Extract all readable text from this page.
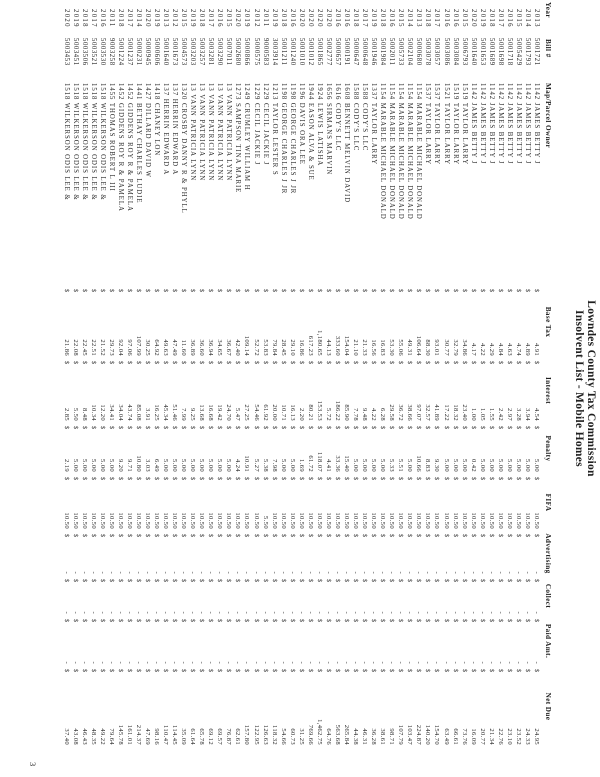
Lowndes County Tax Commission
Insolvent List - Mobile Homes
Year
Bill #
Map/Parcel Owner
Base Tax
Interest
Penalty
FIFA
Advertising
Collect
Paid Amt.
Net Due
2013
5001721
1142 JAMES BETTY J
$
4.91
$
4.54
$
5.00
$
10.50
$
-
$
-
$
-
$
24.95
2014
5001793
1142 JAMES BETTY J
$
4.89
$
3.94
$
5.00
$
10.50
$
-
$
-
$
-
$
24.33
2015
5005429
1142 JAMES BETTY J
$
4.74
$
3.28
$
5.00
$
10.50
$
-
$
-
$
-
$
23.52
2016
5001718
1142 JAMES BETTY J
$
4.63
$
2.97
$
5.00
$
10.50
$
-
$
-
$
-
$
23.10
2017
5001698
1142 JAMES BETTY J
$
4.84
$
2.42
$
5.00
$
10.50
$
-
$
-
$
-
$
22.76
2018
5001689
1142 JAMES BETTY J
$
4.29
$
1.55
$
5.00
$
10.50
$
-
$
-
$
-
$
21.34
2019
5001653
1142 JAMES BETTY J
$
4.22
$
1.05
$
5.00
$
10.50
$
-
$
-
$
-
$
20.77
2020
5001640
1142 JAMES BETTY J
$
4.17
$
1.00
$
0.42
$
10.50
$
-
$
-
$
-
$
16.09
2015
5006793
1519 TAYLOR LARRY
$
34.86
$
23.40
$
5.00
$
10.50
$
-
$
-
$
-
$
73.76
2016
5003084
1519 TAYLOR LARRY
$
32.79
$
18.32
$
5.00
$
10.50
$
-
$
-
$
-
$
66.61
2016
5003086
1521 TAYLOR LARRY
$
30.77
$
17.22
$
5.00
$
10.50
$
-
$
-
$
-
$
63.49
2017
5003057
1537 TAYLOR LARRY
$
93.01
$
41.89
$
9.30
$
10.50
$
-
$
-
$
-
$
154.70
2018
5003078
1537 TAYLOR LARRY
$
88.30
$
32.57
$
8.83
$
10.50
$
-
$
-
$
-
$
140.20
2013
5000680
1154 MARABLE MICHAEL DONALD
$
106.64
$
97.07
$
10.66
$
10.50
$
-
$
-
$
-
$
224.87
2014
5002104
1154 MARABLE MICHAEL DONALD
$
49.31
$
38.66
$
5.00
$
10.50
$
-
$
-
$
-
$
103.47
2015
5005733
1154 MARABLE MICHAEL DONALD
$
55.06
$
36.72
$
5.51
$
10.50
$
-
$
-
$
-
$
107.79
2016
5002011
1154 MARABLE MICHAEL DONALD
$
53.30
$
29.58
$
5.33
$
10.50
$
-
$
-
$
-
$
98.71
2018
5001984
1154 MARABLE MICHAEL DONALD
$
16.83
$
6.28
$
5.00
$
10.50
$
-
$
-
$
-
$
38.61
2019
5001946
1337 TAYLOR LARRY
$
16.56
$
4.22
$
5.00
$
10.50
$
-
$
-
$
-
$
36.28
2017
5000648
1588 CODY'S LLC
$
21.33
$
9.48
$
5.00
$
10.50
$
-
$
-
$
-
$
46.31
2018
5000647
1588 CODY'S LLC
$
21.10
$
7.78
$
5.00
$
10.50
$
-
$
-
$
-
$
44.38
2016
5000191
1608 BENNETT MELVIN DAVID
$
154.04
$
85.90
$
15.40
$
10.50
$
-
$
-
$
-
$
265.84
2016
5000657
1616 CODY'S LLC
$
333.60
$
186.22
$
33.36
$
10.50
$
-
$
-
$
-
$
563.68
2020
5002777
1656 SIRMANS MARVIN
$
44.13
$
5.72
$
4.41
$
10.50
$
-
$
-
$
-
$
64.76
2020
5001865
1924 LEWIS LATISHA
$
1,180.65
$
153.53
$
118.07
$
10.50
$
-
$
-
$
-
$
1,462.75
2020
5001012
1944 EASON ALVA & SUE
$
617.23
$
80.21
$
61.72
$
10.50
$
-
$
-
$
-
$
769.66
2020
5001010
1196 DAVIS ORA LEE
$
16.86
$
2.20
$
1.69
$
10.50
$
-
$
-
$
-
$
31.25
2016
5001240
1198 GEORGE CHARLES J JR
$
29.10
$
16.13
$
5.00
$
10.50
$
-
$
-
$
-
$
60.73
2018
5001211
1198 GEORGE CHARLES J JR
$
28.45
$
10.71
$
5.00
$
10.50
$
-
$
-
$
-
$
54.66
2019
3003914
1213 TAYLOR LESTER S
$
79.84
$
20.00
$
7.98
$
10.50
$
-
$
-
$
-
$
118.32
2011
9000583
1229 CECIL JACKIE J
$
53.83
$
61.92
$
5.38
$
5.50
$
-
$
-
$
-
$
126.63
2012
5000575
1229 CECIL JACKIE J
$
52.72
$
54.46
$
5.27
$
10.50
$
-
$
-
$
-
$
122.95
2019
5000866
1249 CRUMLEY WILLIAM H
$
109.14
$
27.25
$
10.91
$
10.50
$
-
$
-
$
-
$
157.80
2020
5002680
1273 SAMPSON TINA MARIE
$
42.40
$
5.47
$
4.24
$
10.50
$
-
$
-
$
-
$
62.61
2015
5007011
13 VANN PATRICIA LYNN
$
36.67
$
24.70
$
5.00
$
10.50
$
-
$
-
$
-
$
76.87
2016
5003290
13 VANN PATRICIA LYNN
$
34.65
$
19.42
$
5.00
$
10.50
$
-
$
-
$
-
$
69.57
2017
5003281
13 VANN PATRICIA LYNN
$
36.94
$
16.68
$
5.00
$
10.50
$
-
$
-
$
-
$
69.12
2018
5003257
13 VANN PATRICIA LYNN
$
36.60
$
13.68
$
5.00
$
10.50
$
-
$
-
$
-
$
65.78
2019
5003203
13 VANN PATRICIA LYNN
$
36.89
$
9.25
$
5.00
$
10.50
$
-
$
-
$
-
$
61.64
2015
5004573
1320 CROSBY DANNY R & PHYLL
$
11.60
$
7.99
$
5.00
$
10.50
$
-
$
-
$
-
$
35.09
2012
5001673
137 HERRIN EDWARD A
$
47.49
$
51.46
$
5.00
$
10.50
$
-
$
-
$
-
$
114.45
2013
5001640
137 HERRIN EDWARD A
$
49.63
$
45.34
$
5.00
$
10.50
$
-
$
-
$
-
$
110.47
2019
5000606
1418 CHANEY LON
$
64.92
$
16.25
$
6.49
$
10.50
$
-
$
-
$
-
$
98.16
2020
5000945
1427 DILLARD DAVID W
$
30.25
$
3.91
$
3.03
$
10.50
$
-
$
-
$
-
$
47.69
2014
5000231
1441 BETHAY CHARLES LUDIE
$
107.99
$
85.08
$
10.80
$
10.50
$
-
$
-
$
-
$
214.37
2017
5001237
1452 GIDDENS ROY R & PAMELA
$
97.06
$
43.74
$
9.71
$
10.50
$
-
$
-
$
-
$
161.01
2018
5001224
1452 GIDDENS ROY R & PAMELA
$
92.04
$
34.04
$
9.20
$
10.50
$
-
$
-
$
-
$
145.78
2011
9003258
1455 THOMAS ROBERT L III
$
29.73
$
34.41
$
5.00
$
10.50
$
-
$
-
$
-
$
79.64
2016
5003530
1518 WILKERSON ODIS LEE &
$
21.52
$
12.20
$
5.00
$
10.50
$
-
$
-
$
-
$
49.22
2017
5003521
1518 WILKERSON ODIS LEE &
$
22.51
$
10.34
$
5.00
$
10.50
$
-
$
-
$
-
$
48.35
2018
5003506
1518 WILKERSON ODIS LEE &
$
22.45
$
8.48
$
5.00
$
10.50
$
-
$
-
$
-
$
46.43
2019
5003451
1518 WILKERSON ODIS LEE &
$
22.08
$
5.50
$
5.00
$
10.50
$
-
$
-
$
-
$
43.08
2020
5003453
1518 WILKERSON ODIS LEE &
$
21.86
$
2.85
$
2.19
$
10.50
$
-
$
-
$
-
$
37.40
3
